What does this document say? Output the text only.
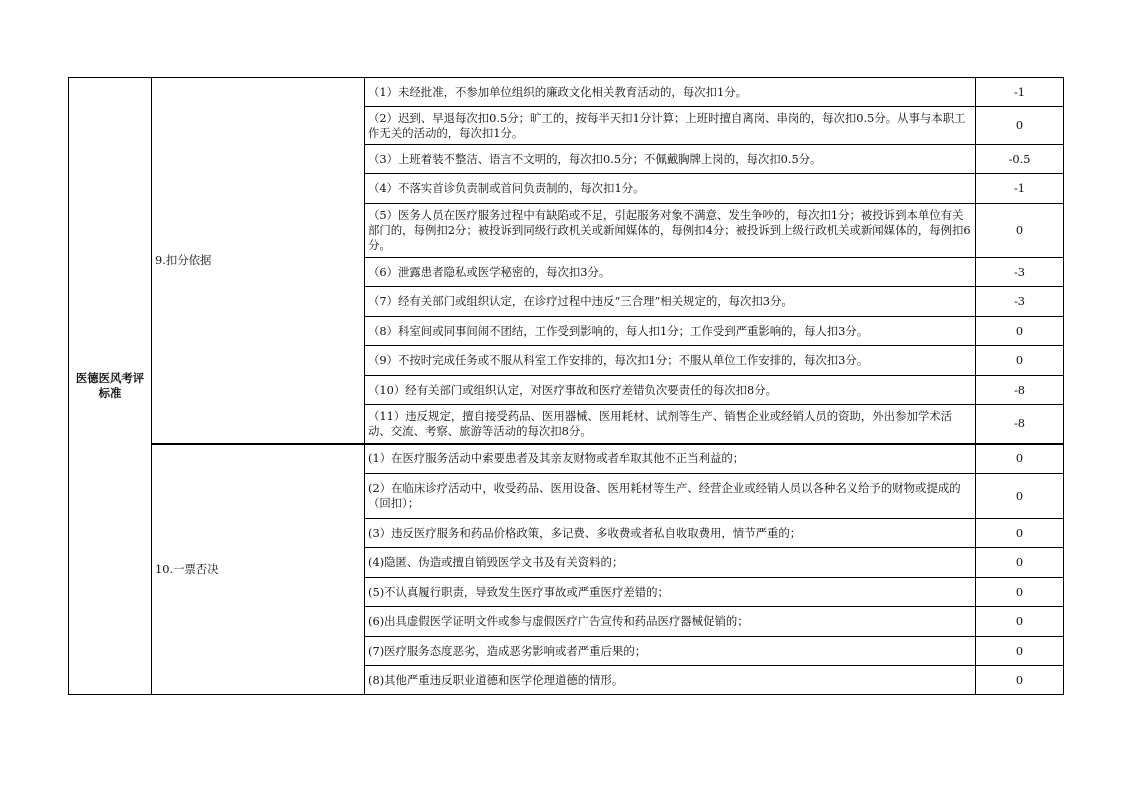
医德医风考评标准	9.扣分依据	（1）未经批准，不参加单位组织的廉政文化相关教育活动的，每次扣1分。	-1
		（2）迟到、早退每次扣0.5分；旷工的，按每半天扣1分计算；上班时擅自离岗、串岗的，每次扣0.5分。从事与本职工作无关的活动的，每次扣1分。	0
		（3）上班着装不整洁、语言不文明的，每次扣0.5分；不佩戴胸牌上岗的，每次扣0.5分。	-0.5
		（4）不落实首诊负责制或首问负责制的，每次扣1分。	-1
		（5）医务人员在医疗服务过程中有缺陷或不足，引起服务对象不满意、发生争吵的，每次扣1分；被投诉到本单位有关部门的，每例扣2分；被投诉到同级行政机关或新闻媒体的，每例扣4分；被投诉到上级行政机关或新闻媒体的，每例扣6分。	0
		（6）泄露患者隐私或医学秘密的，每次扣3分。	-3
		（7）经有关部门或组织认定，在诊疗过程中违反“三合理”相关规定的，每次扣3分。	-3
		（8）科室间或同事间闹不团结，工作受到影响的，每人扣1分；工作受到严重影响的，每人扣3分。	0
		（9）不按时完成任务或不服从科室工作安排的，每次扣1分；不服从单位工作安排的，每次扣3分。	0
		（10）经有关部门或组织认定，对医疗事故和医疗差错负次要责任的每次扣8分。	-8
		（11）违反规定，擅自接受药品、医用器械、医用耗材、试剂等生产、销售企业或经销人员的资助，外出参加学术活动、交流、考察、旅游等活动的每次扣8分。	-8
	10.一票否决	(1）在医疗服务活动中索要患者及其亲友财物或者牟取其他不正当利益的；	0
		(2）在临床诊疗活动中，收受药品、医用设备、医用耗材等生产、经营企业或经销人员以各种名义给予的财物或提成的（回扣）；	0
		(3）违反医疗服务和药品价格政策，多记费、多收费或者私自收取费用，情节严重的；	0
		(4)隐匿、伪造或擅自销毁医学文书及有关资料的；	0
		(5)不认真履行职责，导致发生医疗事故或严重医疗差错的；	0
		(6)出具虚假医学证明文件或参与虚假医疗广告宣传和药品医疗器械促销的；	0
		(7)医疗服务态度恶劣，造成恶劣影响或者严重后果的；	0
		(8)其他严重违反职业道德和医学伦理道德的情形。	0
